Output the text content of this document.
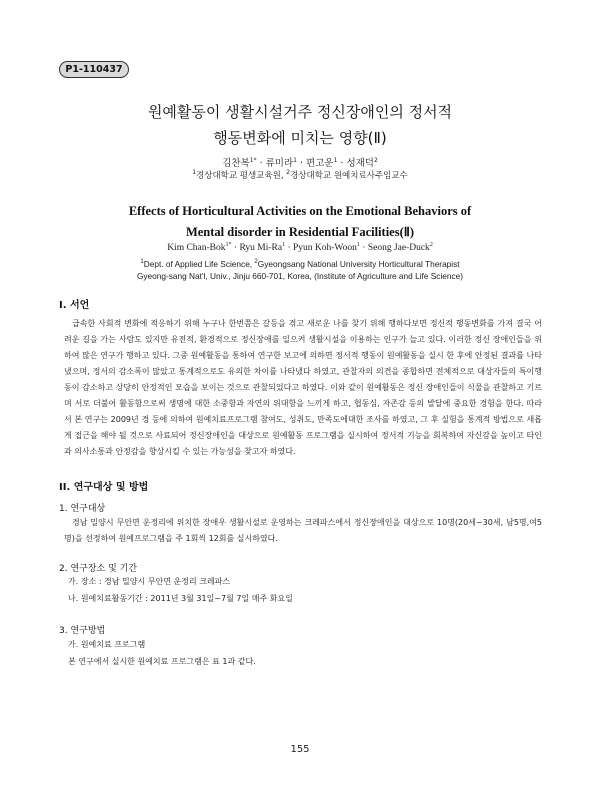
P1-110437
원예활동이 생활시설거주 정신장애인의 정서적
행동변화에 미치는 영향(Ⅱ)
김찬복$^{1*}$ · 류미라$^1$ · 편고운$^1$ · 성재덕$^2$
$^1$경상대학교 평생교육원, $^2$경상대학교 원예치료사주임교수
Effects of Horticultural Activities on the Emotional Behaviors of
Mental disorder in Residential Facilities(Ⅱ)
Kim Chan-Bok$^{1*}$ · Ryu $Mi-Ra^1$ · Pyun Koh-Woon$^1$ · Seong Jae-Duck$^2$
$^1$Dept. of Applied Life Science, $^2$Gyeongsang National University Horticultural Therapist
Gyeong-sang Nat'l, Univ., Jinju 660-701, Korea, (Institute of Agriculture and Life Science)
I. 서언

급속한 사회적 변화에 적응하기 위해 누구나 한번쯤은 갈등을 겪고 새로운 나를 찾기 위해 행하다보면 정신적 행동변화를 가져 결국 어려운 길을 가는 사람도 있지만 유전적, 환경적으로 정신장애를 일으켜 생활시설을 이용하는 인구가 늘고 있다. 이러한 정신 장애인들을 위하여 많은 연구가 행하고 있다. 그중 원예활동을 통하여 연구한 보고에 의하면 정서적 행동이 원예활동을 실시 한 후에 안정된 결과를 나타냈으며, 정서의 감소폭이 많았고 통계적으로도 유의한 차이를 나타냈다 하였고, 관찰자의 의견을 종합하면 전체적으로 대상자들의 특이행동이 감소하고 상당히 안정적인 모습을 보이는 것으로 관찰되었다고 하였다. 이와 같이 원예활동은 정신 장애인들이 식물을 관찰하고 기르며 서로 더불어 활동함으로써 생명에 대한 소중함과 자연의 위대함을 느끼게 하고, 협동심, 자존감 등의 발달에 중요한 경험을 한다. 따라서 본 연구는 2009년 경 등에 의하여 원예치료프로그램 참여도, 성취도, 만족도에대한 조사를 하였고, 그 후 실험을 통계적 방법으로 새롭게 접근을 해야 될 것으로 사료되어 정신장애인을 대상으로 원예활동 프로그램을 실시하여 정서적 기능을 회복하여 자신감을 높이고 타인과 의사소통과 안정감을 향상시킬 수 있는 가능성을 찾고자 하였다.

II. 연구대상 및 방법
1. 연구대상

경남 밀양시 무안면 운정리에 위치한 장애우 생활시설로 운영하는 크레파스에서 정신장애인을 대상으로 10명(20세~30세, 남5명,여5명)을 선정하여 원예프로그램을 주 1회씩 12회를 실시하였다.

2. 연구장소 및 기간
가. 장소 : 경남 밀양시 무안면 운정리 크레파스
나. 원예치료활동기간 : 2011년 3월 31일~7월 7일 매주 화요일
3. 연구방법
가. 원예치료 프로그램
본 연구에서 실시한 원예치료 프로그램은 표 1과 같다.
155
